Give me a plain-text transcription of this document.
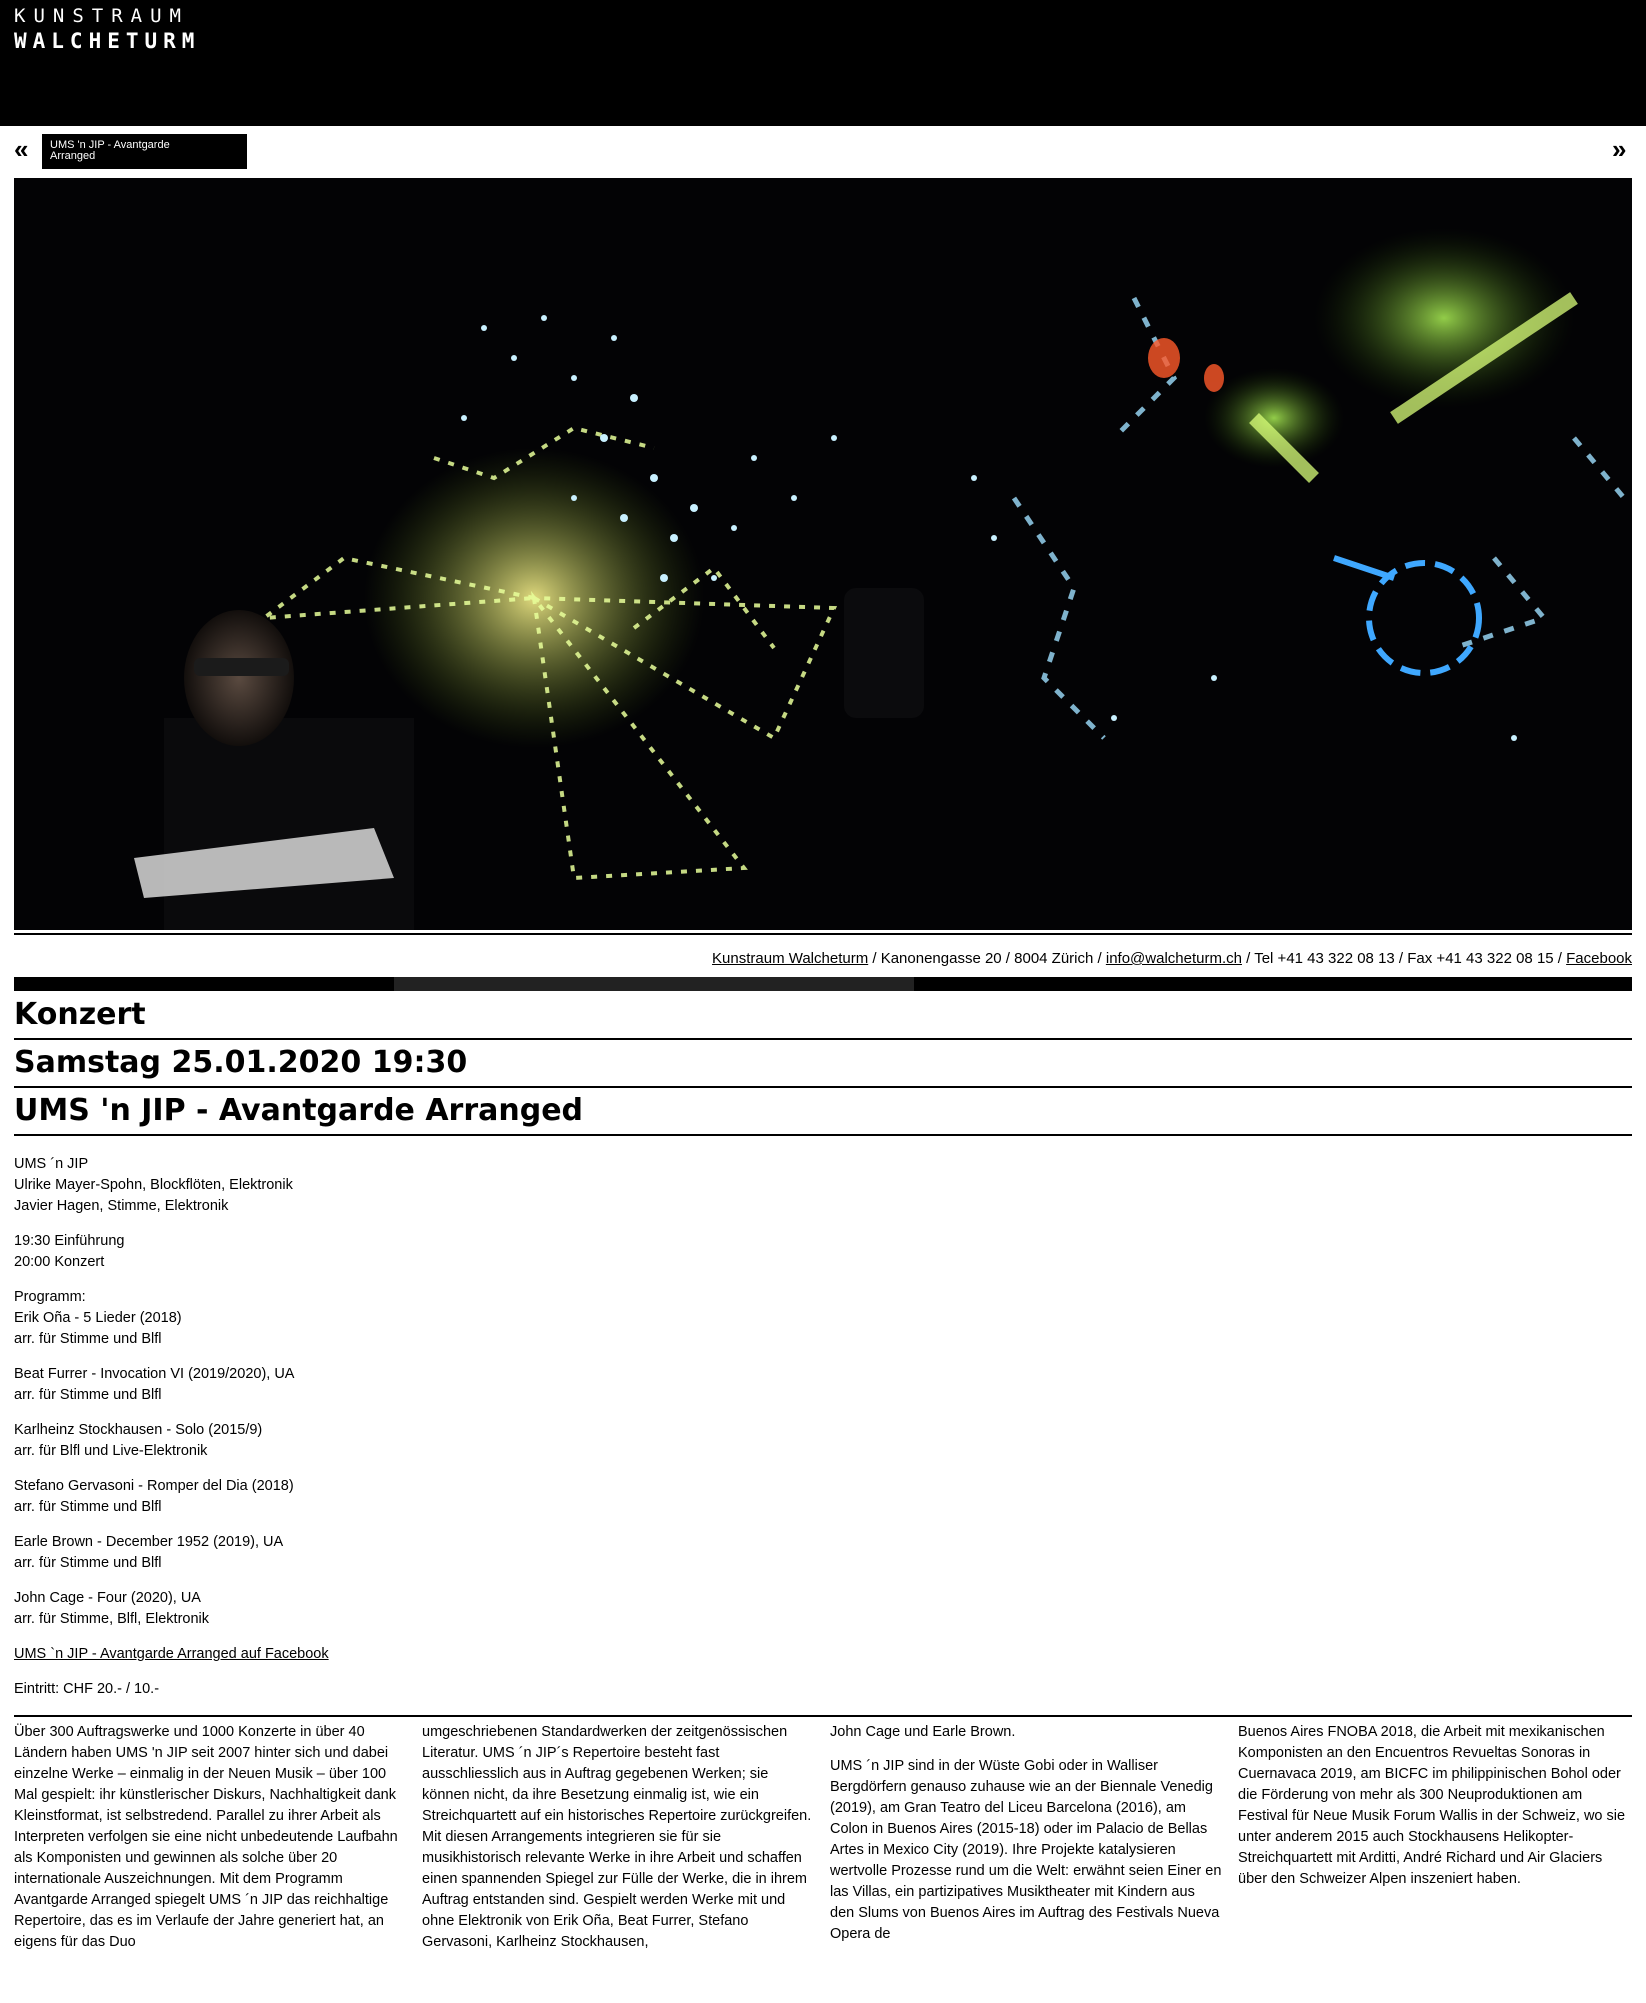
KUNSTRAUM
WALCHETURM
« UMS 'n JIP - Avantgarde
Arranged	»
Kunstraum Walcheturm / Kanonengasse 20 / 8004 Zürich / info@walcheturm.ch / Tel +41 43 322 08 13 / Fax +41 43 322 08 15 / Facebook
Konzert
Samstag 25.01.2020 19:30
UMS 'n JIP - Avantgarde Arranged

UMS ´n JIP
Ulrike Mayer-Spohn, Blockflöten, Elektronik
Javier Hagen, Stimme, Elektronik

19:30 Einführung
20:00 Konzert

Programm:

Erik Oña - 5 Lieder (2018)
arr. für Stimme und Blfl

Beat Furrer - Invocation VI (2019/2020), UA
arr. für Stimme und Blfl

Karlheinz Stockhausen - Solo (2015/9)
arr. für Blfl und Live-Elektronik

Stefano Gervasoni - Romper del Dia (2018)
arr. für Stimme und Blfl

Earle Brown - December 1952 (2019), UA
arr. für Stimme und Blfl

John Cage - Four (2020), UA
arr. für Stimme, Blfl, Elektronik

UMS `n JIP - Avantgarde Arranged auf Facebook

Eintritt: CHF 20.- / 10.-

Über 300 Auftragswerke und 1000 Konzerte in über 40 Ländern haben UMS 'n JIP seit 2007 hinter sich und dabei einzelne Werke – einmalig in der Neuen Musik – über 100 Mal gespielt: ihr künstlerischer Diskurs, Nachhaltigkeit dank Kleinstformat, ist selbstredend. Parallel zu ihrer Arbeit als Interpreten verfolgen sie eine nicht unbedeutende Laufbahn als Komponisten und gewinnen als solche über 20 internationale Auszeichnungen. Mit dem Programm Avantgarde Arranged spiegelt UMS ´n JIP das reichhaltige Repertoire, das es im Verlaufe der Jahre generiert hat, an eigens für das Duo

umgeschriebenen Standardwerken der zeitgenössischen Literatur. UMS ´n JIP´s Repertoire besteht fast ausschliesslich aus in Auftrag gegebenen Werken; sie können nicht, da ihre Besetzung einmalig ist, wie ein Streichquartett auf ein historisches Repertoire zurückgreifen. Mit diesen Arrangements integrieren sie für sie musikhistorisch relevante Werke in ihre Arbeit und schaffen einen spannenden Spiegel zur Fülle der Werke, die in ihrem Auftrag entstanden sind. Gespielt werden Werke mit und ohne Elektronik von Erik Oña, Beat Furrer, Stefano Gervasoni, Karlheinz Stockhausen,

John Cage und Earle Brown.

UMS ´n JIP sind in der Wüste Gobi oder in Walliser Bergdörfern genauso zuhause wie an der Biennale Venedig (2019), am Gran Teatro del Liceu Barcelona (2016), am Colon in Buenos Aires (2015-18) oder im Palacio de Bellas Artes in Mexico City (2019). Ihre Projekte katalysieren wertvolle Prozesse rund um die Welt: erwähnt seien Einer en las Villas, ein partizipatives Musiktheater mit Kindern aus den Slums von Buenos Aires im Auftrag des Festivals Nueva Opera de

Buenos Aires FNOBA 2018, die Arbeit mit mexikanischen Komponisten an den Encuentros Revueltas Sonoras in Cuernavaca 2019, am BICFC im philippinischen Bohol oder die Förderung von mehr als 300 Neuproduktionen am Festival für Neue Musik Forum Wallis in der Schweiz, wo sie unter anderem 2015 auch Stockhausens Helikopter-Streichquartett mit Arditti, André Richard und Air Glaciers über den Schweizer Alpen inszeniert haben.
